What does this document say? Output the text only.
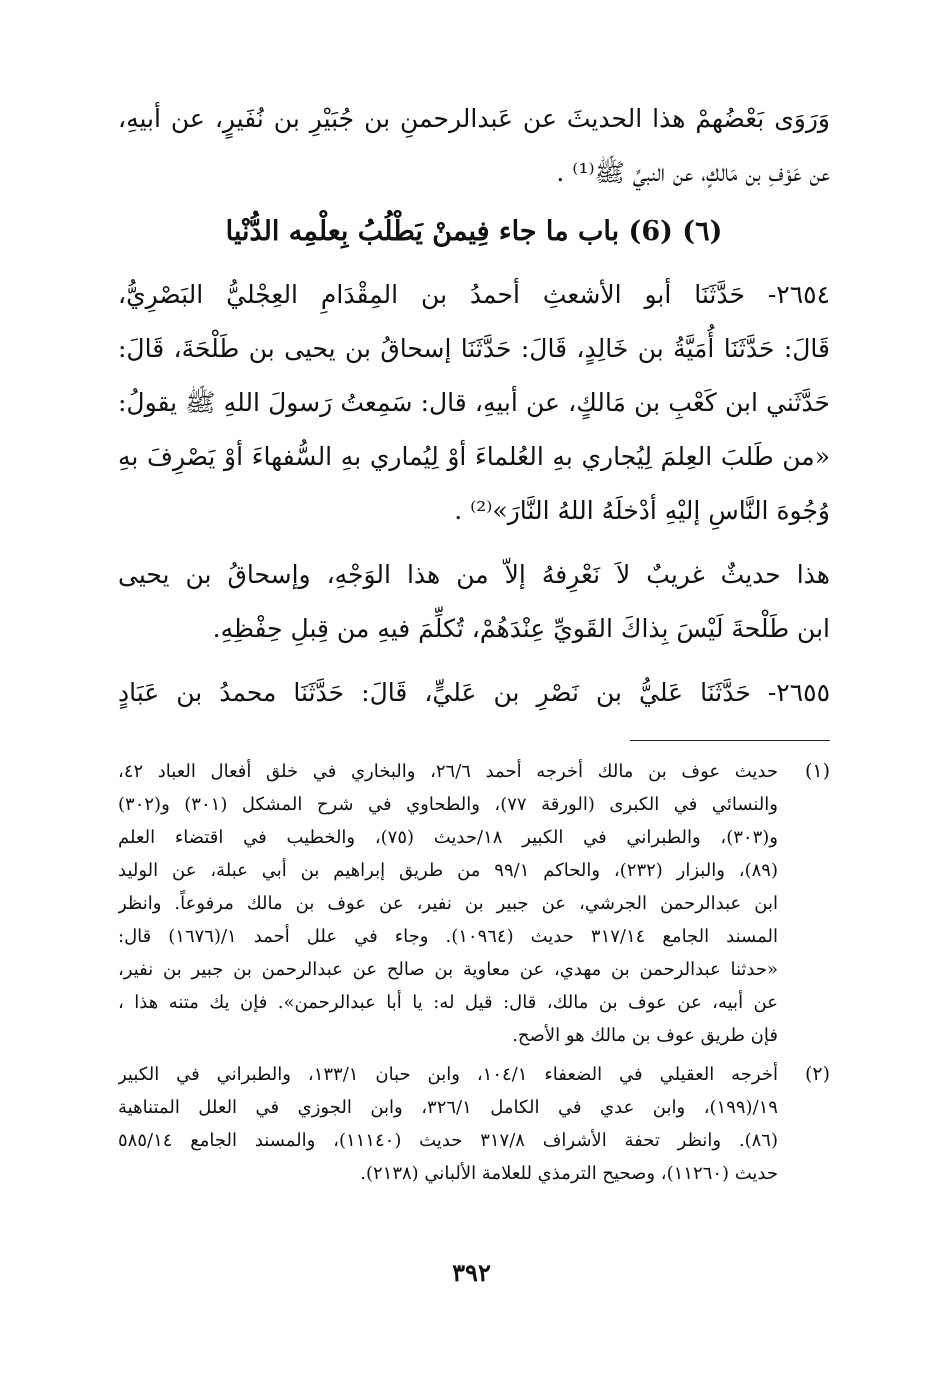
وَرَوَى بَعْضُهمْ هذا الحديثَ عن عَبدالرحمنِ بن جُبَيْرِ بن نُفَيرٍ، عن أبيهِ،
عن عَوْفِ بن مَالكٍ، عن النبيِّ ﷺ⁽¹⁾ .
(٦) (6) باب ما جاء فِيمنْ يَطْلُبُ بِعلْمِه الدُّنْيا
٢٦٥٤- حَدَّثَنَا أبو الأشعثِ أحمدُ بن المِقْدَامِ العِجْليُّ البَصْرِيُّ،
قَالَ: حَدَّثَنَا أُمَيَّةُ بن خَالِدٍ، قَالَ: حَدَّثَنَا إسحاقُ بن يحيى بن طَلْحَةَ، قَالَ:
حَدَّثَني ابن كَعْبِ بن مَالكٍ، عن أبيهِ، قال: سَمِعتُ رَسولَ اللهِ ﷺ يقولُ:
«من طَلبَ العِلمَ لِيُجاري بهِ العُلماءَ أوْ لِيُماري بهِ السُّفهاءَ أوْ يَصْرِفَ بهِ
وُجُوهَ النَّاسِ إليْهِ أدْخلَهُ اللهُ النَّارَ»⁽²⁾ .
هذا حديثٌ غريبٌ لاَ نَعْرِفهُ إلاّ من هذا الوَجْهِ، وإسحاقُ بن يحيى
ابن طَلْحةَ لَيْسَ بِذاكَ القَويِّ عِنْدَهُمْ، تُكلِّمَ فيهِ من قِبلِ حِفْظِهِ.
٢٦٥٥- حَدَّثَنَا عَليُّ بن نَصْرِ بن عَليٍّ، قَالَ: حَدَّثَنَا محمدُ بن عَبَادٍ
(١)
حديث عوف بن مالك أخرجه أحمد ٢٦/٦، والبخاري في خلق أفعال العباد ٤٢،
والنسائي في الكبرى (الورقة ٧٧)، والطحاوي في شرح المشكل (٣٠١) و(٣٠٢)
و(٣٠٣)، والطبراني في الكبير ١٨/حديث (٧٥)، والخطيب في اقتضاء العلم
(٨٩)، والبزار (٢٣٢)، والحاكم ٩٩/١ من طريق إبراهيم بن أبي عبلة، عن الوليد
ابن عبدالرحمن الجرشي، عن جبير بن نفير، عن عوف بن مالك مرفوعاً. وانظر
المسند الجامع ٣١٧/١٤ حديث (١٠٩٦٤). وجاء في علل أحمد ١/(١٦٧٦) قال:
«حدثنا عبدالرحمن بن مهدي، عن معاوية بن صالح عن عبدالرحمن بن جبير بن نفير،
عن أبيه، عن عوف بن مالك، قال: قيل له: يا أبا عبدالرحمن». فإن يك متنه هذا ،
فإن طريق عوف بن مالك هو الأصح.
(٢)
أخرجه العقيلي في الضعفاء ١٠٤/١، وابن حبان ١٣٣/١، والطبراني في الكبير
١٩/(١٩٩)، وابن عدي في الكامل ٣٢٦/١، وابن الجوزي في العلل المتناهية
(٨٦). وانظر تحفة الأشراف ٣١٧/٨ حديث (١١١٤٠)، والمسند الجامع ٥٨٥/١٤
حديث (١١٢٦٠)، وصحيح الترمذي للعلامة الألباني (٢١٣٨).
٣٩٢
